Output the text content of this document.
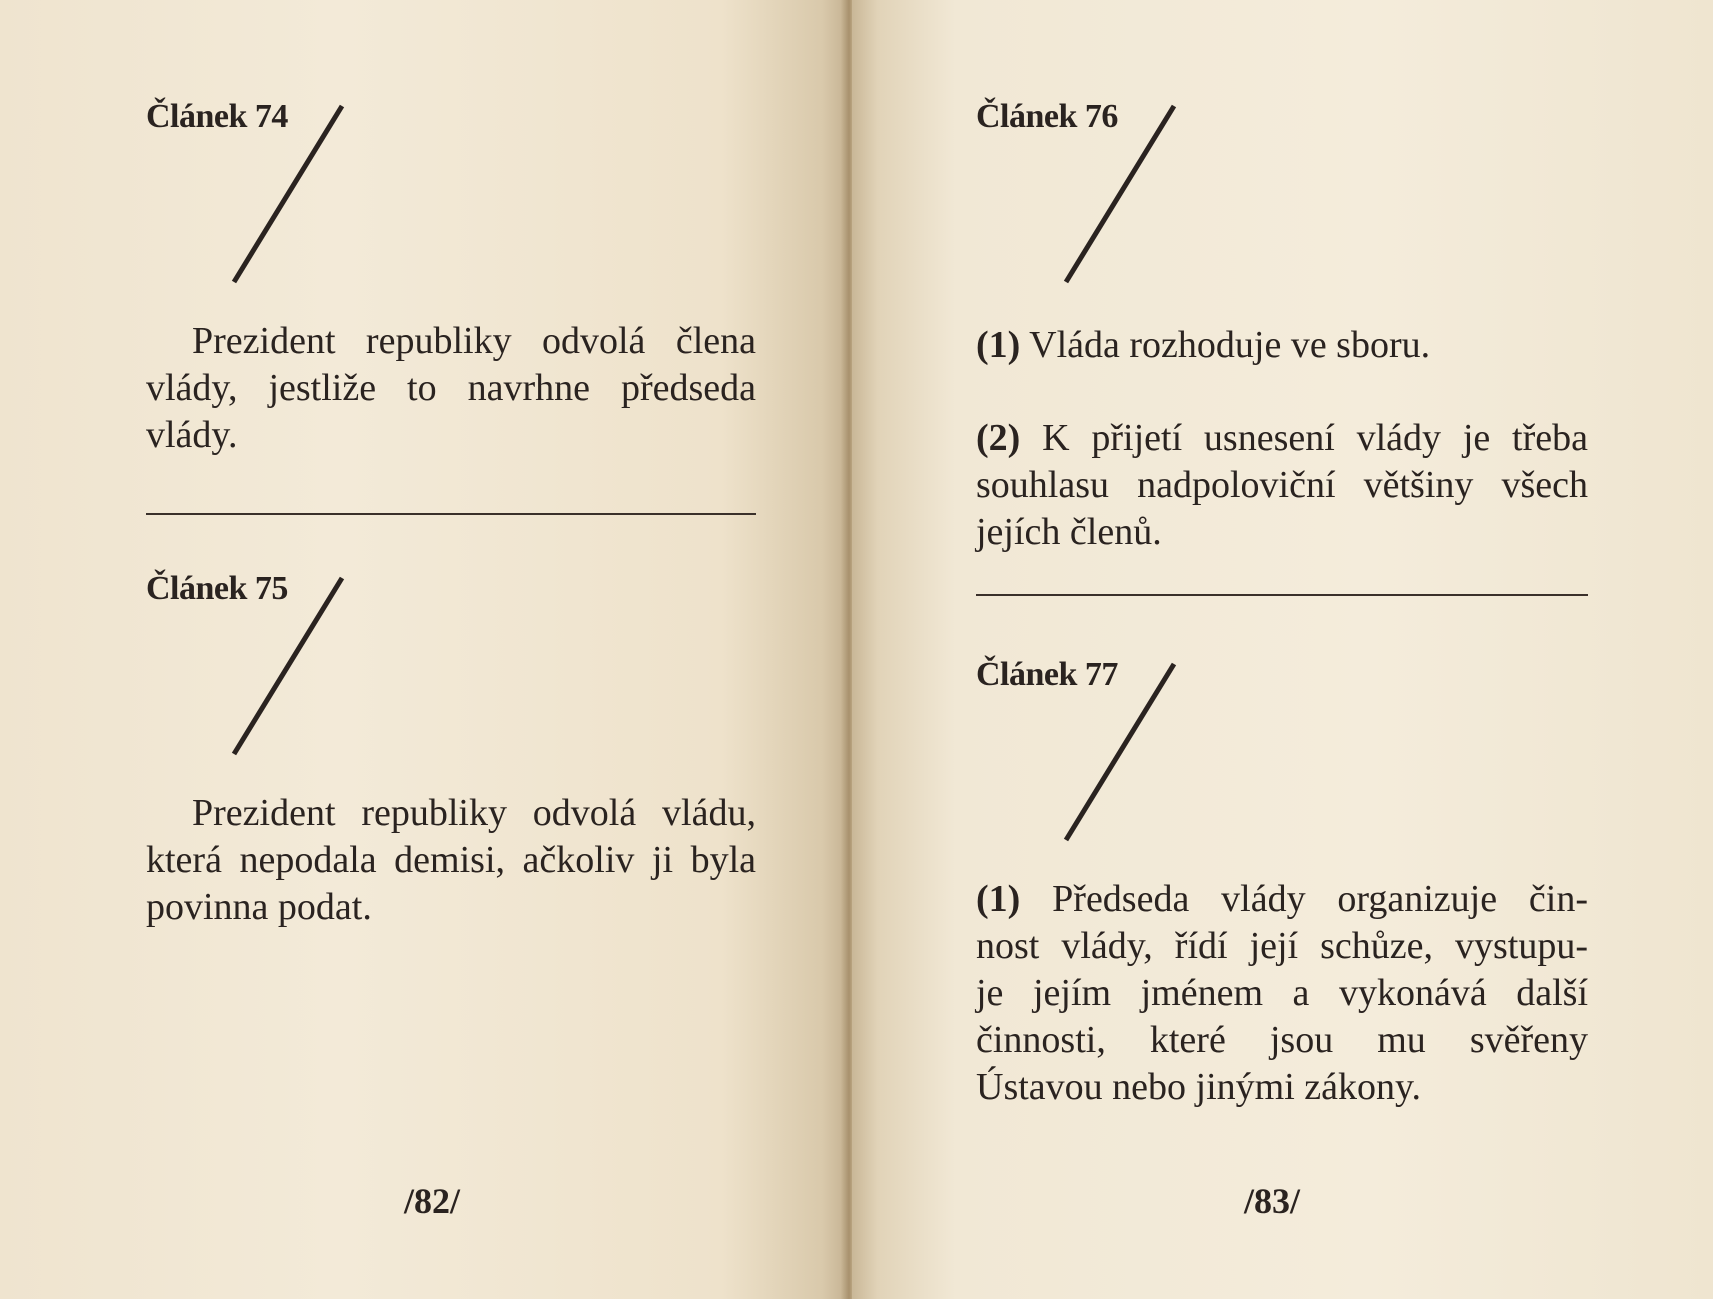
Článek 74
Prezident republiky odvolá člena
vlády, jestliže to navrhne předseda
vlády.
Článek 75
Prezident republiky odvolá vládu,
která nepodala demisi, ačkoliv ji byla
povinna podat.
/82/
Článek 76
(1) Vláda rozhoduje ve sboru.
(2) K přijetí usnesení vlády je třeba
souhlasu nadpoloviční většiny všech
jejích členů.
Článek 77
(1) Předseda vlády organizuje čin-
nost vlády, řídí její schůze, vystupu-
je jejím jménem a vykonává další
činnosti, které jsou mu svěřeny
Ústavou nebo jinými zákony.
/83/
